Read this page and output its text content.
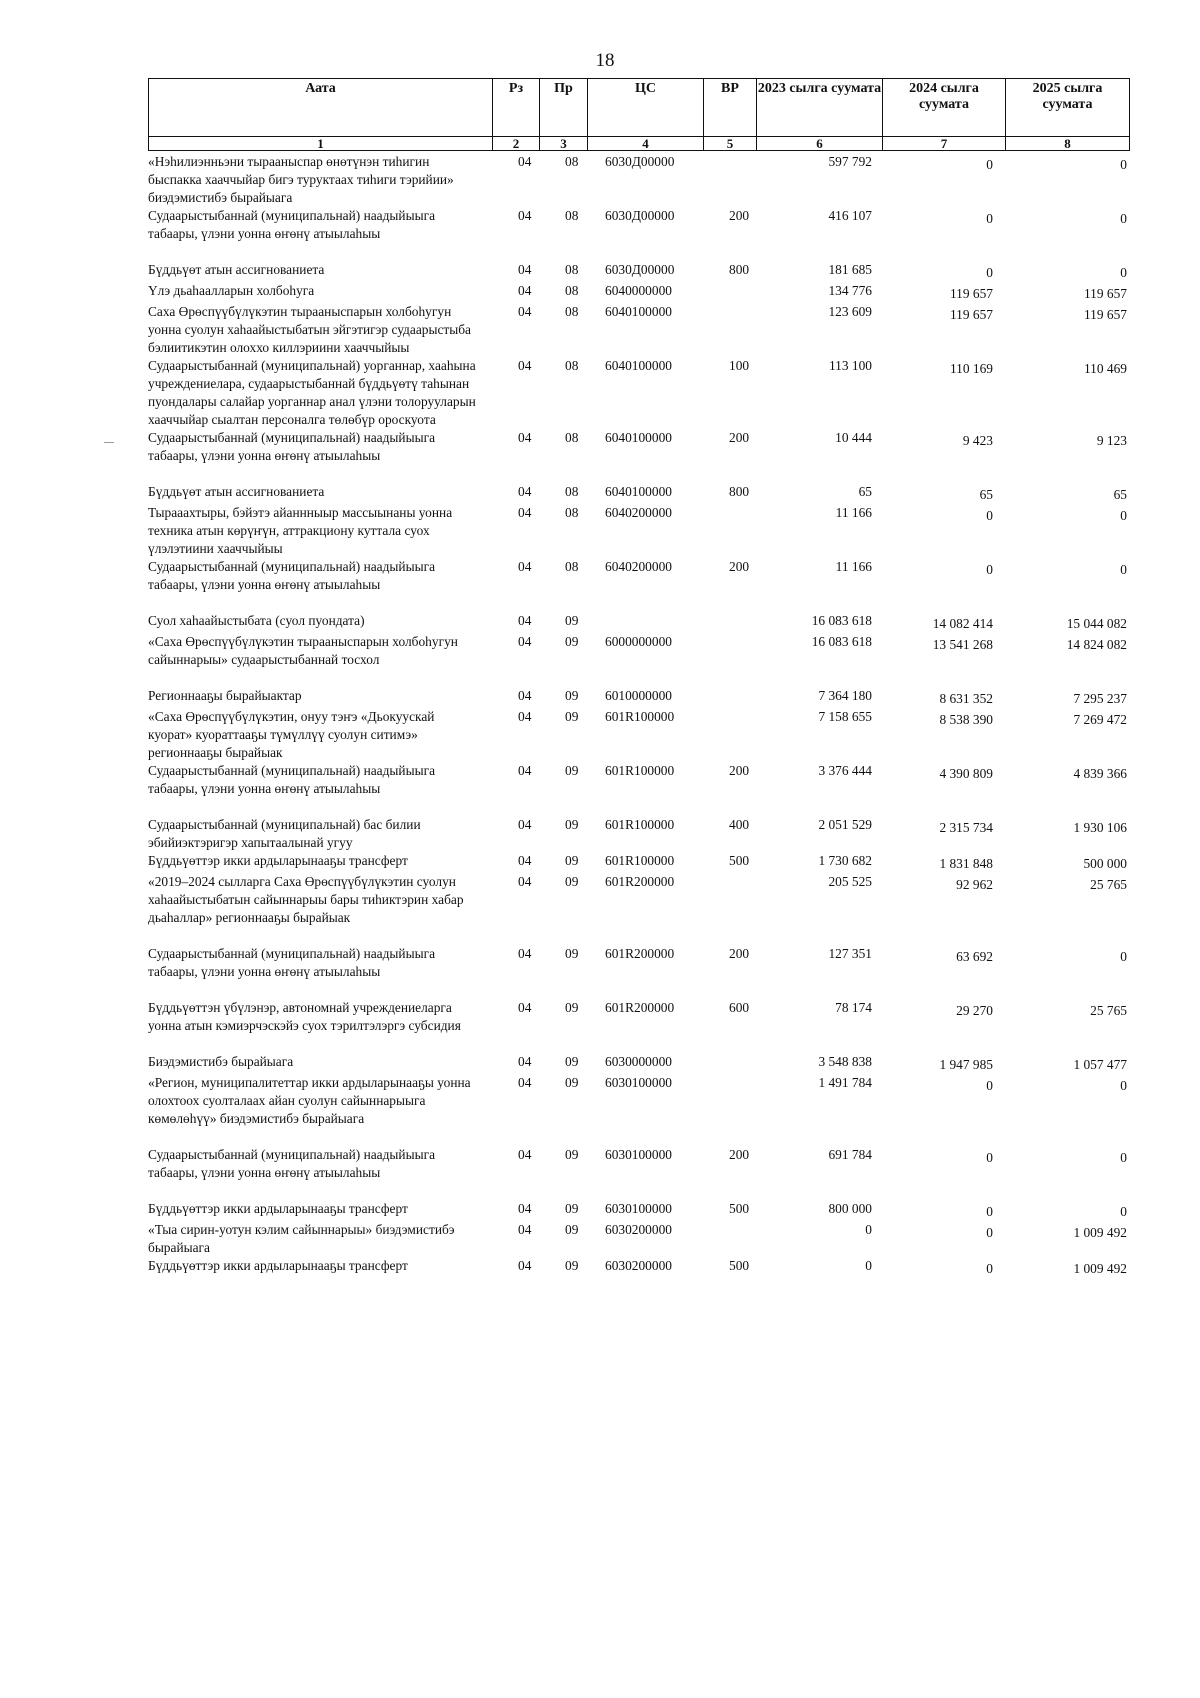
18
Аата	Рз	Пр	ЦС	ВР	2023 сылга суумата	2024 сылга суумата	2025 сылга суумата
1	2	3	4	5	6	7	8
«Нэһилиэнньэни тырааныспар өнөтүнэн тиһигин быспакка хааччыйар бигэ туруктаах тиһиги тэрийии» биэдэмистибэ бырайыага	04	08	6030Д00000		597 792	0	0
Судаарыстыбаннай (муниципальнай) наадыйыыга табаары, үлэни уонна өҥөнү атыылаһыы	04	08	6030Д00000	200	416 107	0	0
Бүддьүөт атын ассигнованиета	04	08	6030Д00000	800	181 685	0	0
Үлэ дьаһаалларын холбоһуга	04	08	6040000000		134 776	119 657	119 657
Саха Өрөспүүбүлүкэтин тырааныспарын холбоһугун уонна суолун хаһаайыстыбатын эйгэтигэр судаарыстыба бэлиитикэтин олоххо киллэриини хааччыйыы	04	08	6040100000		123 609	119 657	119 657
Судаарыстыбаннай (муниципальнай) уорганнар, хааһына учреждениелара, судаарыстыбаннай бүддьүөтү таһынан пуондалары салайар уорганнар анал үлэни толорууларын хааччыйар сыалтан персоналга төлөбүр ороскуота	04	08	6040100000	100	113 100	110 169	110 469
Судаарыстыбаннай (муниципальнай) наадыйыыга табаары, үлэни уонна өҥөнү атыылаһыы	04	08	6040100000	200	10 444	9 423	9 123
Бүддьүөт атын ассигнованиета	04	08	6040100000	800	65	65	65
Тырааахтыры, бэйэтэ айаннныыр массыынаны уонна техника атын көрүҥүн, аттракциону куттала суох үлэлэтиини хааччыйыы	04	08	6040200000		11 166	0	0
Судаарыстыбаннай (муниципальнай) наадыйыыга табаары, үлэни уонна өҥөнү атыылаһыы	04	08	6040200000	200	11 166	0	0
Суол хаһаайыстыбата (суол пуондата)	04	09			16 083 618	14 082 414	15 044 082
«Саха Өрөспүүбүлүкэтин тырааныспарын холбоһугун сайыннарыы» судаарыстыбаннай тосхол	04	09	6000000000		16 083 618	13 541 268	14 824 082
Регионнааҕы бырайыактар	04	09	6010000000		7 364 180	8 631 352	7 295 237
«Саха Өрөспүүбүлүкэтин, онуу тэҥэ «Дьокуускай куорат» куораттааҕы түмүллүү суолун ситимэ» регионнааҕы бырайыак	04	09	601R100000		7 158 655	8 538 390	7 269 472
Судаарыстыбаннай (муниципальнай) наадыйыыга табаары, үлэни уонна өҥөнү атыылаһыы	04	09	601R100000	200	3 376 444	4 390 809	4 839 366
Судаарыстыбаннай (муниципальнай) бас билии эбийиэктэригэр хапытаалынай угуу	04	09	601R100000	400	2 051 529	2 315 734	1 930 106
Бүддьүөттэр икки ардыларынааҕы трансферт	04	09	601R100000	500	1 730 682	1 831 848	500 000
«2019–2024 сылларга Саха Өрөспүүбүлүкэтин суолун хаһаайыстыбатын сайыннарыы бары тиһиктэрин хабар дьаһаллар» регионнааҕы бырайыак	04	09	601R200000		205 525	92 962	25 765
Судаарыстыбаннай (муниципальнай) наадыйыыга табаары, үлэни уонна өҥөнү атыылаһыы	04	09	601R200000	200	127 351	63 692	0
Бүддьүөттэн үбүлэнэр, автономнай учреждениеларга уонна атын кэмиэрчэскэйэ суох тэрилтэлэргэ субсидия	04	09	601R200000	600	78 174	29 270	25 765
Биэдэмистибэ бырайыага	04	09	6030000000		3 548 838	1 947 985	1 057 477
«Регион, муниципалитеттар икки ардыларынааҕы уонна олохтоох суолталаах айан суолун сайыннарыыга көмөлөһүү» биэдэмистибэ бырайыага	04	09	6030100000		1 491 784	0	0
Судаарыстыбаннай (муниципальнай) наадыйыыга табаары, үлэни уонна өҥөнү атыылаһыы	04	09	6030100000	200	691 784	0	0
Бүддьүөттэр икки ардыларынааҕы трансферт	04	09	6030100000	500	800 000	0	0
«Тыа сирин-уотун кэлим сайыннарыы» биэдэмистибэ бырайыага	04	09	6030200000		0	0	1 009 492
Бүддьүөттэр икки ардыларынааҕы трансферт	04	09	6030200000	500	0	0	1 009 492
